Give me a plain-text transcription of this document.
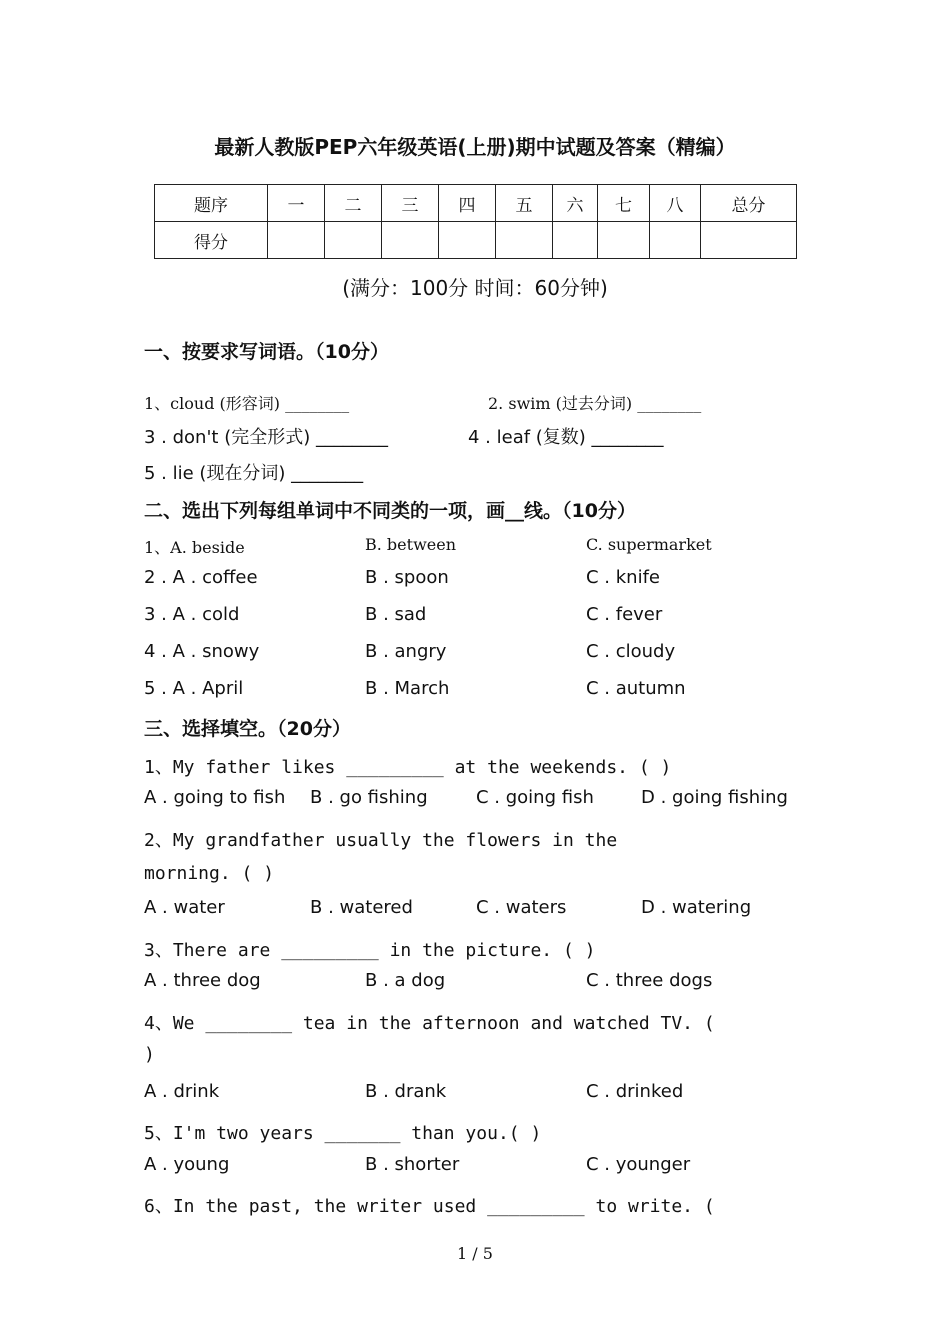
最新人教版PEP六年级英语(上册)期中试题及答案（精编）
题序	一	二	三	四	五	六	七	八	总分
得分									
(满分：100分 时间：60分钟)
一、按要求写词语。（10分）
1、cloud (形容词) ________	2. swim (过去分词) ________
3 . don't (完全形式) ________	4 . leaf (复数) ________
5 . lie (现在分词) ________
二、选出下列每组单词中不同类的一项，画__线。（10分）
1、A. beside	B. between	C. supermarket
2 . A . coffee	B . spoon	C . knife
3 . A . cold	B . sad	C . fever
4 . A . snowy	B . angry	C . cloudy
5 . A . April	B . March	C . autumn
三、选择填空。（20分）
1、My father likes _________ at the weekends. ( )
A . going to fish B . go fishing	C . going fish	D . going fishing
2、My grandfather usually the flowers in the
morning. ( )
A . water	B . watered	C . waters	D . watering
3、There are _________ in the picture. ( )
A . three dog	B . a dog	C . three dogs
4、We ________ tea in the afternoon and watched TV. (
)
A . drink	B . drank	C . drinked
5、I'm two years _______ than you.( )
A . young	B . shorter	C . younger
6、In the past, the writer used _________ to write. (
1 / 5
